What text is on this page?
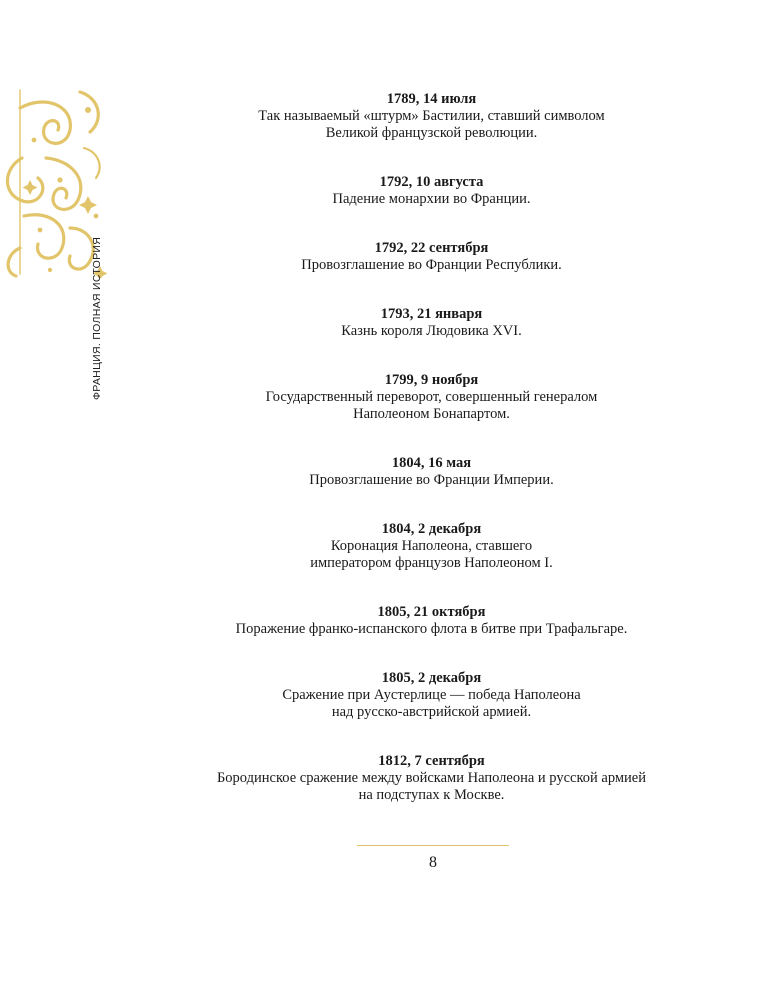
ФРАНЦИЯ. ПОЛНАЯ ИСТОРИЯ
1789, 14 июля
Так называемый «штурм» Бастилии, ставший символом
Великой французской революции.
1792, 10 августа
Падение монархии во Франции.
1792, 22 сентября
Провозглашение во Франции Республики.
1793, 21 января
Казнь короля Людовика XVI.
1799, 9 ноября
Государственный переворот, совершенный генералом
Наполеоном Бонапартом.
1804, 16 мая
Провозглашение во Франции Империи.
1804, 2 декабря
Коронация Наполеона, ставшего
императором французов Наполеоном I.
1805, 21 октября
Поражение франко-испанского флота в битве при Трафальгаре.
1805, 2 декабря
Сражение при Аустерлице — победа Наполеона
над русско-австрийской армией.
1812, 7 сентября
Бородинское сражение между войсками Наполеона и русской армией
на подступах к Москве.
8
